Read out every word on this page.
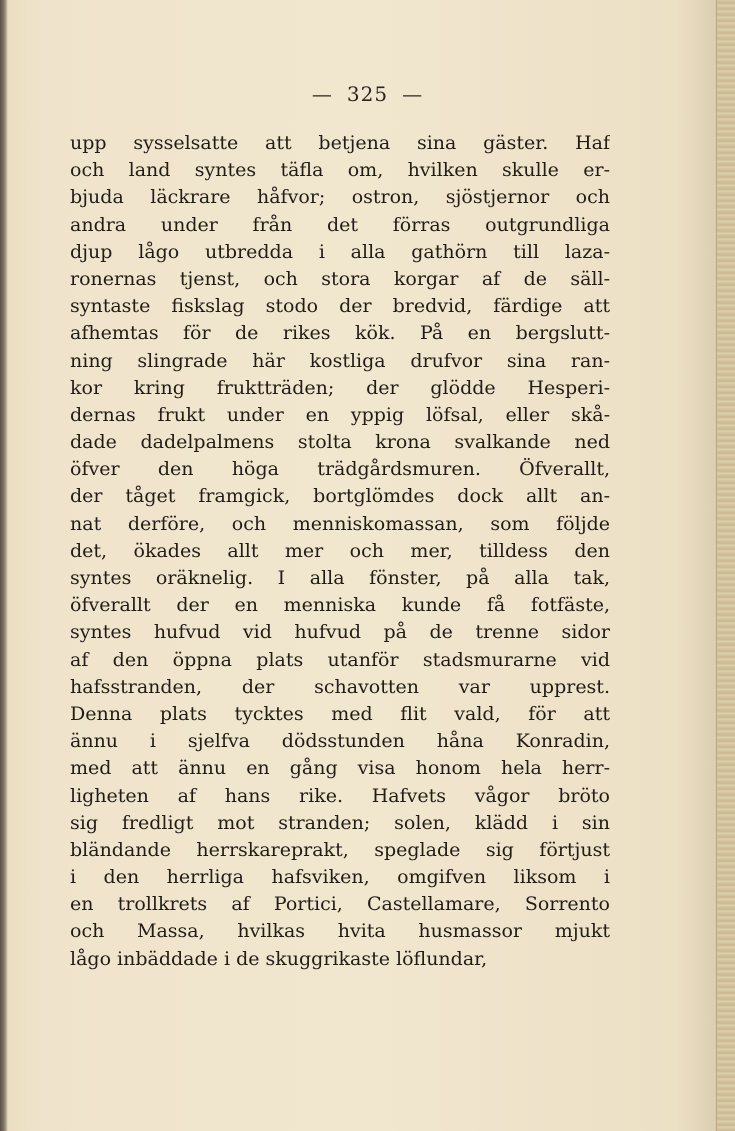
— 325 —
upp sysselsatte att betjena sina gäster. Haf
och land syntes täfla om, hvilken skulle er-
bjuda läckrare håfvor; ostron, sjöstjernor och
andra under från det förras outgrundliga
djup lågo utbredda i alla gathörn till laza-
ronernas tjenst, och stora korgar af de säll-
syntaste fiskslag stodo der bredvid, färdige att
afhemtas för de rikes kök. På en bergslutt-
ning slingrade här kostliga drufvor sina ran-
kor kring fruktträden; der glödde Hesperi-
dernas frukt under en yppig löfsal, eller skå-
dade dadelpalmens stolta krona svalkande ned
öfver den höga trädgårdsmuren. Öfverallt,
der tåget framgick, bortglömdes dock allt an-
nat derföre, och menniskomassan, som följde
det, ökades allt mer och mer, tilldess den
syntes oräknelig. I alla fönster, på alla tak,
öfverallt der en menniska kunde få fotfäste,
syntes hufvud vid hufvud på de trenne sidor
af den öppna plats utanför stadsmurarne vid
hafsstranden, der schavotten var upprest.
Denna plats tycktes med flit vald, för att
ännu i sjelfva dödsstunden håna Konradin,
med att ännu en gång visa honom hela herr-
ligheten af hans rike. Hafvets vågor bröto
sig fredligt mot stranden; solen, klädd i sin
bländande herrskareprakt, speglade sig förtjust
i den herrliga hafsviken, omgifven liksom i
en trollkrets af Portici, Castellamare, Sorrento
och Massa, hvilkas hvita husmassor mjukt
lågo inbäddade i de skuggrikaste löflundar,
